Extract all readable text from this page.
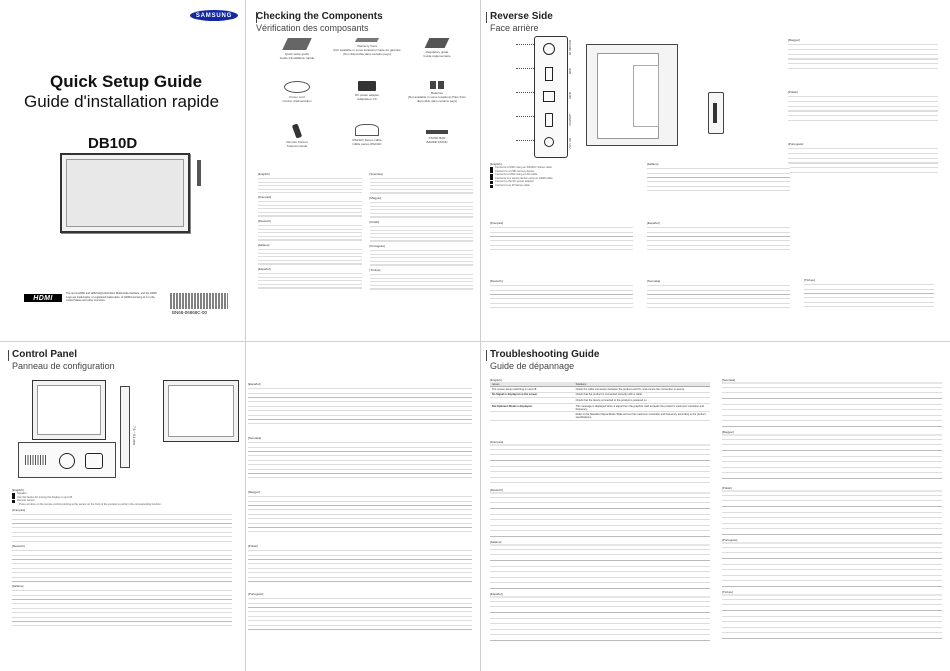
SAMSUNG
Quick Setup Guide
Guide d'installation rapide
DB10D
HDMI
The terms HDMI and HDMI High-Definition Multimedia Interface, and the HDMI Logo are trademarks, or registered trademarks, of HDMI Licensing LLC in the United States and other countries.
BN68-06868C-00
Checking the Components
Vérification des composants
Quick setup guide
Guide d'installation rapide
Warranty Card
(Not available in some locations) Carte de garantie (Non disponible dans certains pays)	Regulatory guide
Guide réglementaire
Power cord
Cordon d'alimentation
DC power adapter
Adaptateur CC
Batteries
(Not available in some locations) Piles (Non disponible dans certains pays)
Remote Control
Télécommande
RS232C Stereo cable
Câble stéréo RS232C
STAND BAR
BARRE STAND
[English]
[Français]
[Deutsch]
[Italiano]
[Español]
[Svenska]
[Magyar]
[Polski]
[Português]
[Türkçe]
Reverse Side
Face arrière
RS232C IN
USB
RJ45
HDMI IN
DC 14V
[Magyar]
[Polski]
[Português]
[English]
Connects to MDC using an RS232C Stereo cable
Connect to a USB memory device.
Connects to MDC using a LAN cable.
Connects to a source device using an HDMI cable.
Connect to the DC power adapter.
Connect to an IR Stereo cable.
[Italiano]
[Français]	[Español]
[Deutsch]	[Svenska]	[Türkçe]
Control Panel
Panneau de configuration
7.6 ~ 8.1 mm
[English]
Speaker
Use this button for turning the display on and off.
Remote sensor
Press a button on the remote control pointing at the sensor on the front of the product to perform the corresponding function.
[Français]
[Deutsch]
[Italiano]
[Español]
[Svenska]
[Magyar]
[Polski]
[Português]
Troubleshooting Guide
Guide de dépannage
[English]
Issues	Solutions
The screen keeps switching on and off.	Check the cable connection between the product and PC, and ensure the connection is secure.
No Signal is displayed on the screen.	Check that the product is connected correctly with a cable.
	Check that the device connected to the product is powered on.
Not Optimum Mode is displayed.	This message is displayed when a signal from the graphics card exceeds the product's maximum resolution and frequency.
	Refer to the Standard Signal Mode Table and set the maximum resolution and frequency according to the product specifications.
[Français]
[Deutsch]
[Italiano]
[Español]
[Svenska]
[Magyar]
[Polski]
[Português]
[Türkçe]
